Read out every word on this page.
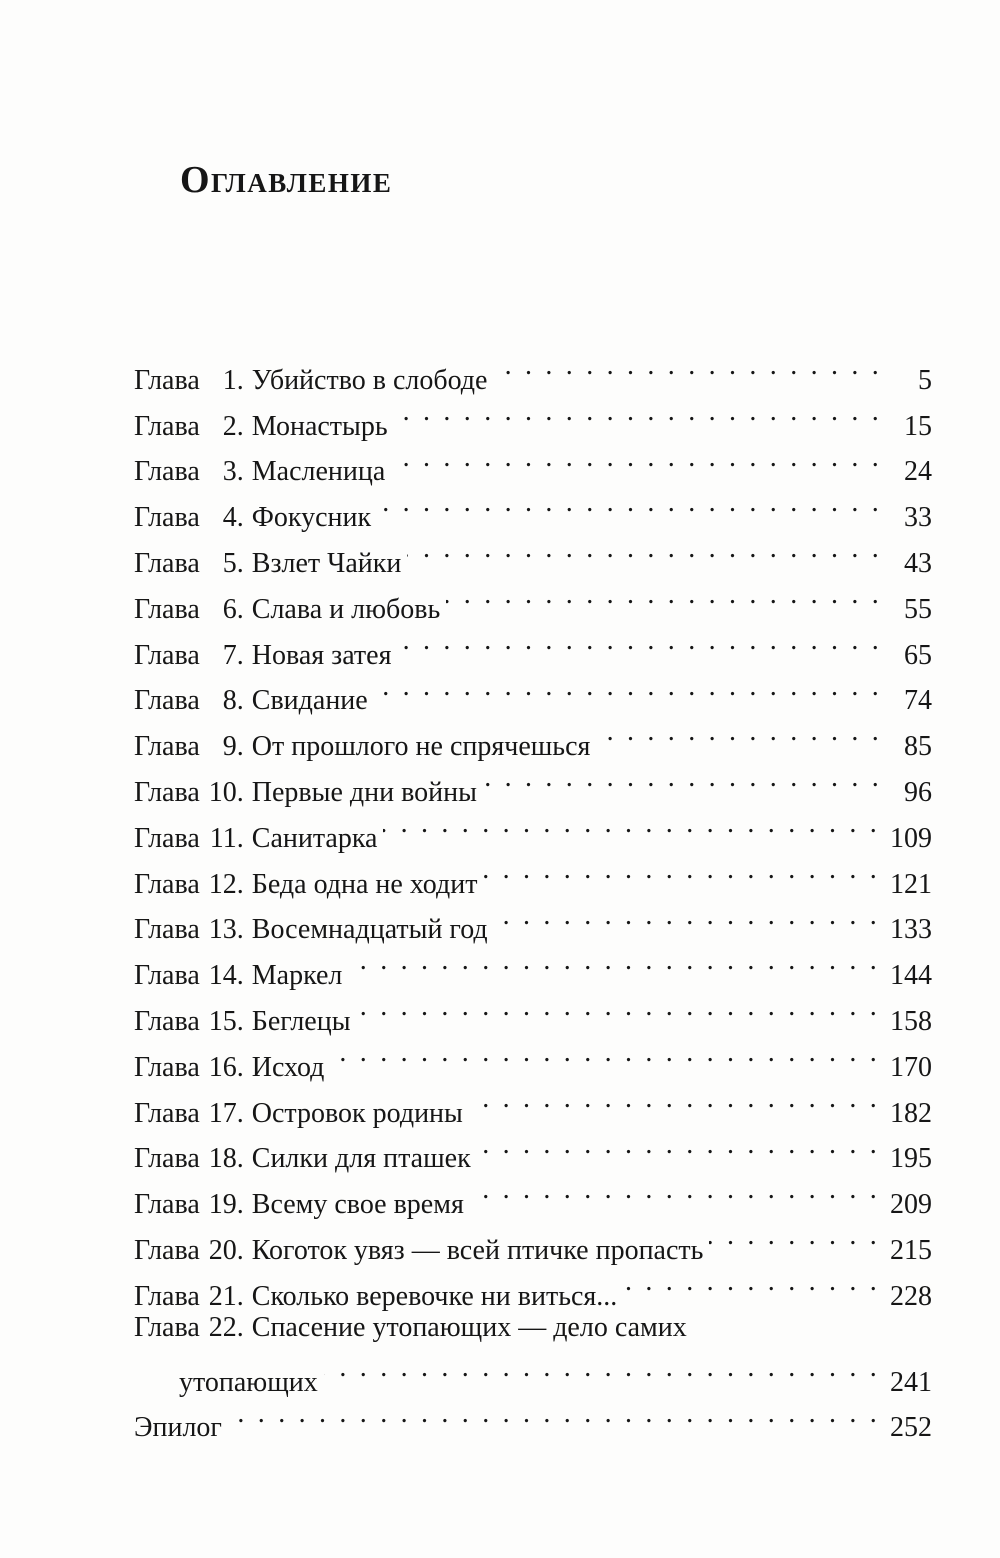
Оглавление
Глава 1. Убийство в слободе . . .	5
Глава 2. Монастырь . . .	15
Глава 3. Масленица . . .	24
Глава 4. Фокусник . . .	33
Глава 5. Взлет Чайки . . .	43
Глава 6. Слава и любовь . . .	55
Глава 7. Новая затея . . .	65
Глава 8. Свидание . . .	74
Глава 9. От прошлого не спрячешься . . .	85
Глава 10. Первые дни войны . . .	96
Глава 11. Санитарка . . .	109
Глава 12. Беда одна не ходит . . .	121
Глава 13. Восемнадцатый год . . .	133
Глава 14. Маркел . . .	144
Глава 15. Беглецы . . .	158
Глава 16. Исход . . .	170
Глава 17. Островок родины . . .	182
Глава 18. Силки для пташек . . .	195
Глава 19. Всему свое время . . .	209
Глава 20. Коготок увяз — всей птичке пропасть . . .	215
Глава 21. Сколько веревочке ни виться... . . .	228
Глава 22. Спасение утопающих — дело самих
утопающих . . .	241
Эпилог . . .	252
